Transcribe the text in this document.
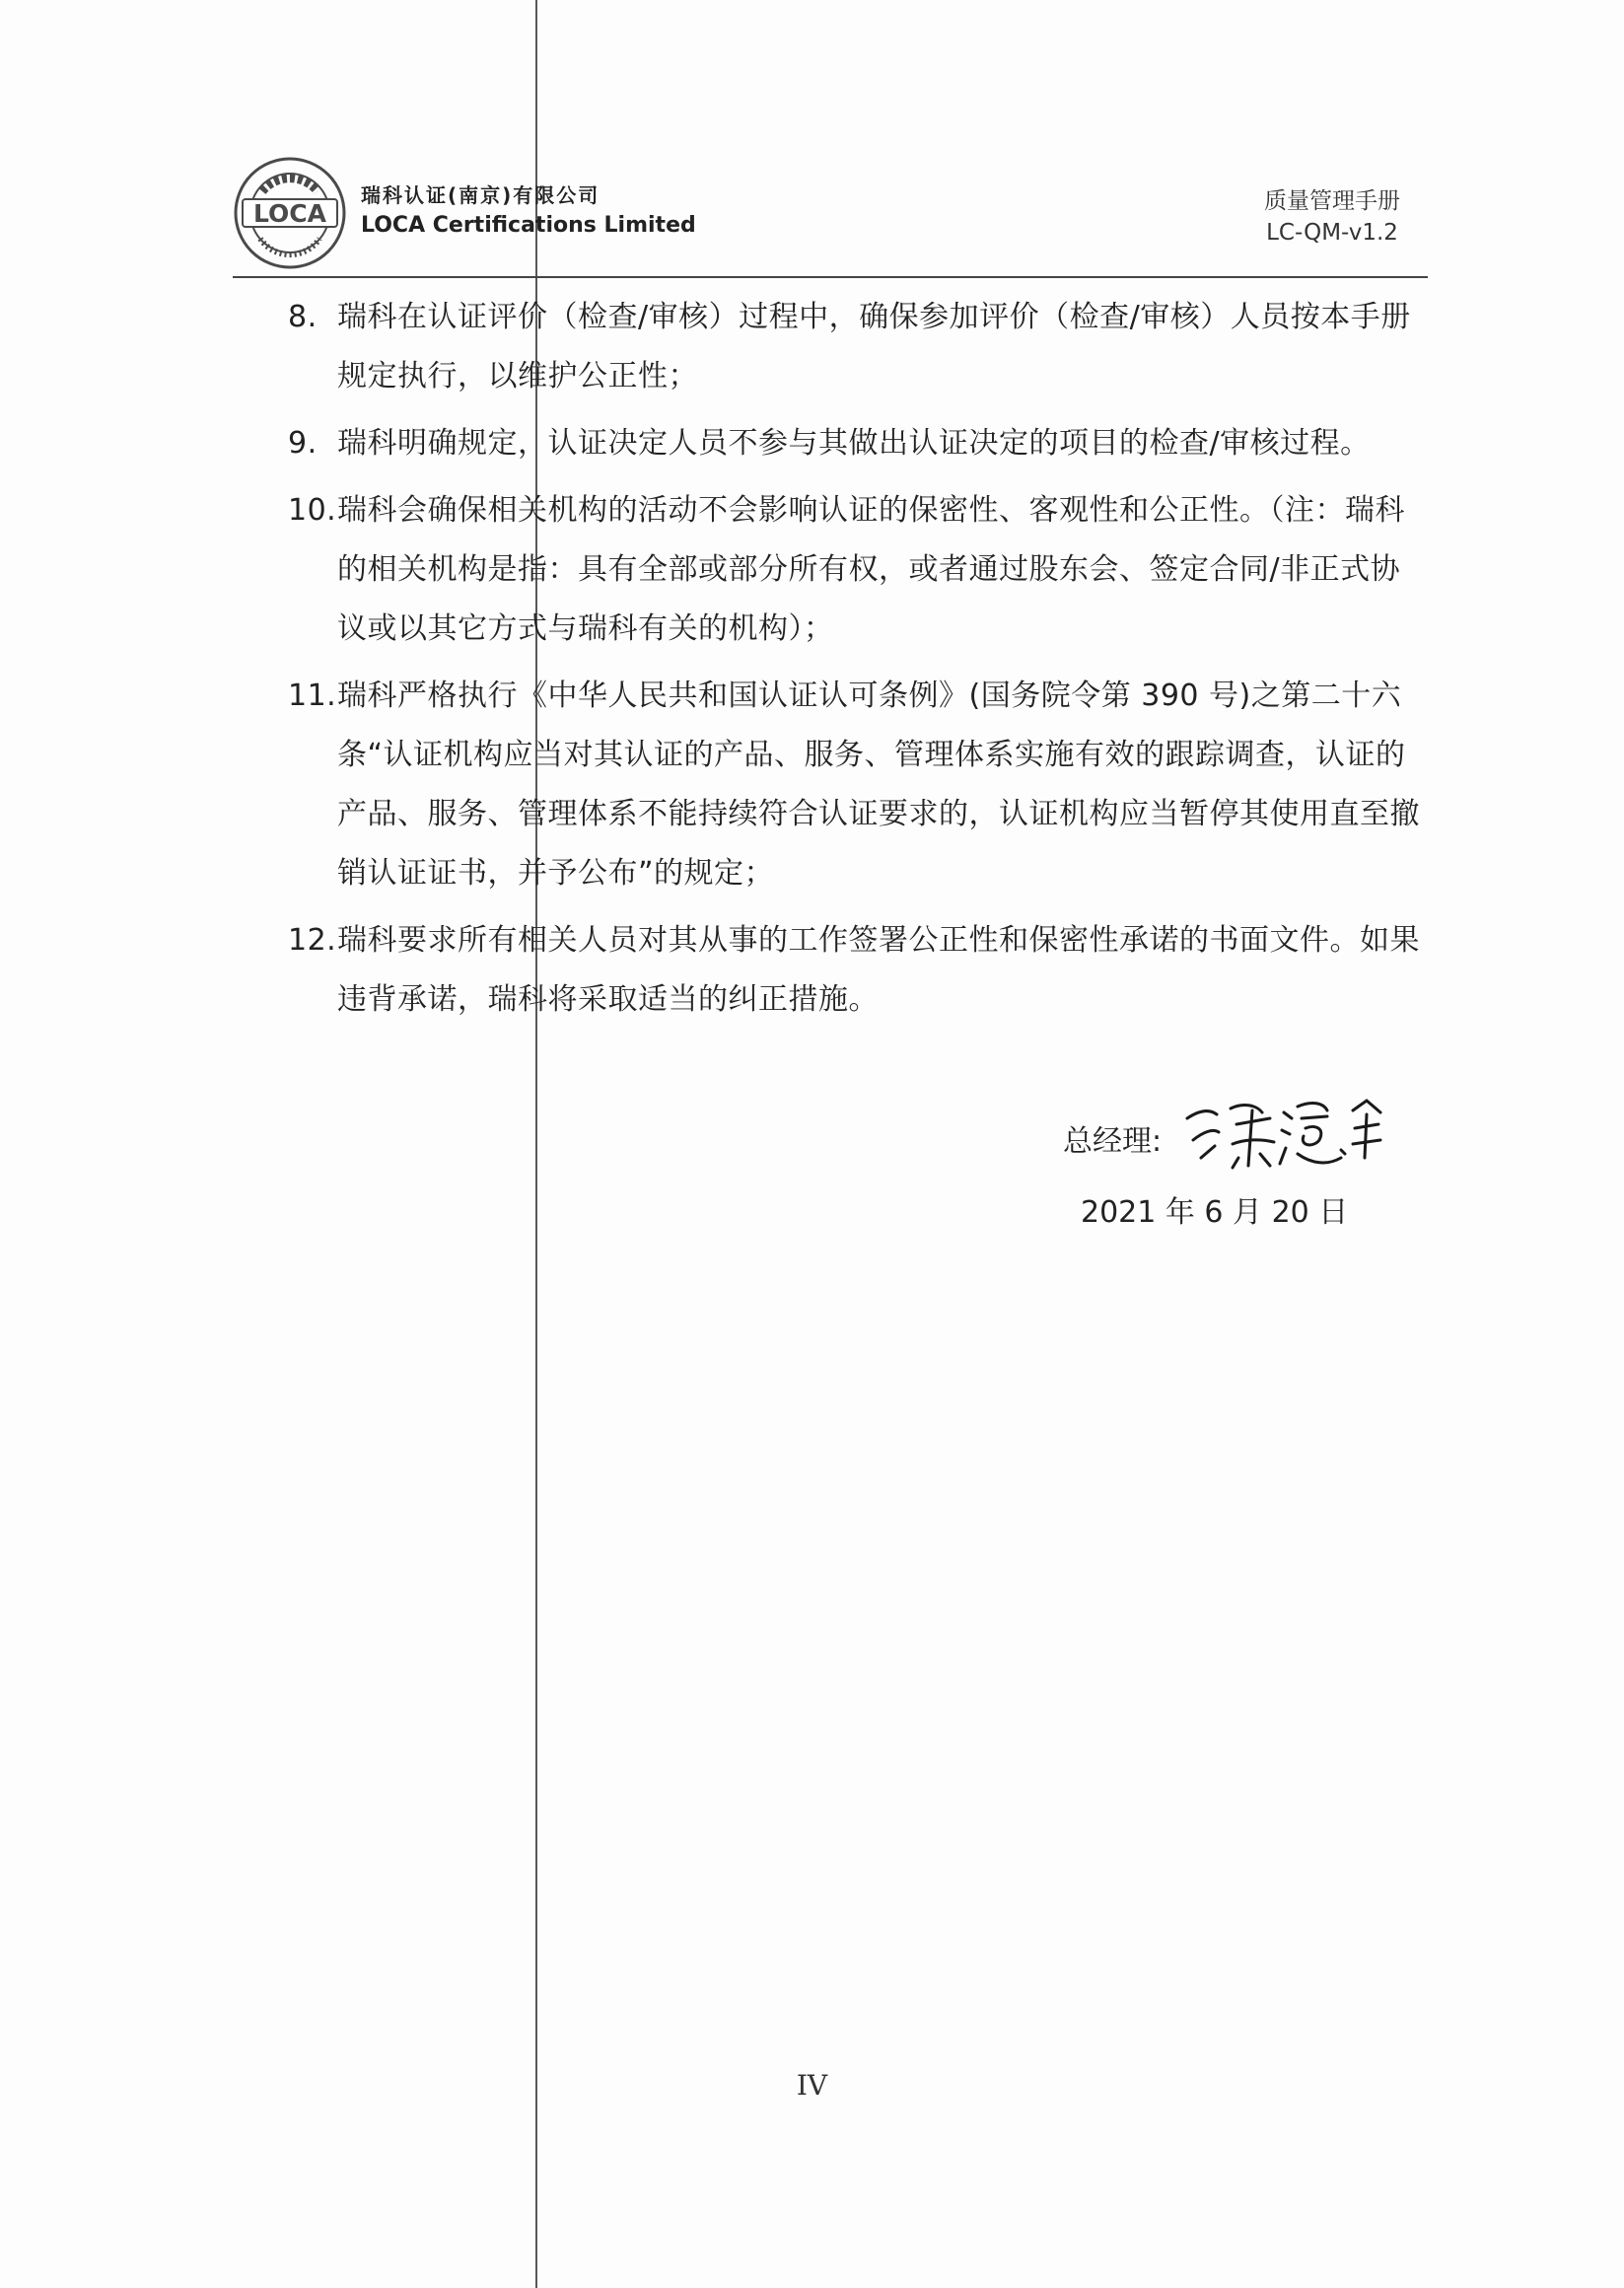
LOCA
瑞科认证(南京)有限公司
LOCA Certifications Limited
质量管理手册
LC-QM-v1.2
8. 瑞科在认证评价（检查/审核）过程中，确保参加评价（检查/审核）人员按本手册规定执行，以维护公正性；
9. 瑞科明确规定，认证决定人员不参与其做出认证决定的项目的检查/审核过程。
10. 瑞科会确保相关机构的活动不会影响认证的保密性、客观性和公正性。（注：瑞科的相关机构是指：具有全部或部分所有权，或者通过股东会、签定合同/非正式协议或以其它方式与瑞科有关的机构）；
11. 瑞科严格执行《中华人民共和国认证认可条例》(国务院令第 390 号)之第二十六条“认证机构应当对其认证的产品、服务、管理体系实施有效的跟踪调查，认证的产品、服务、管理体系不能持续符合认证要求的，认证机构应当暂停其使用直至撤销认证证书，并予公布”的规定；
12. 瑞科要求所有相关人员对其从事的工作签署公正性和保密性承诺的书面文件。如果违背承诺，瑞科将采取适当的纠正措施。
总经理:
2021 年 6 月 20 日
IV
